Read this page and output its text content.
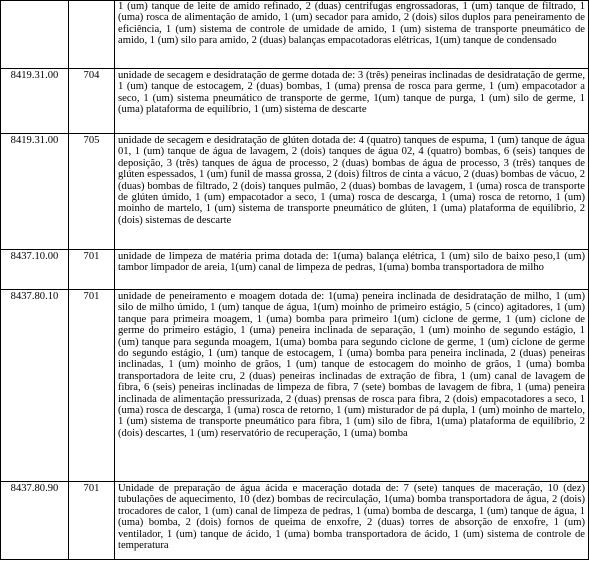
		1 (um) tanque de leite de amido refinado, 2 (duas) centrifugas engrossadoras, 1 (um) tanque de filtrado, 1 (uma) rosca de alimentação de amido, 1 (um) secador para amido, 2 (dois) silos duplos para peneiramento de eficiência, 1 (um) sistema de controle de umidade de amido, 1 (um) sistema de transporte pneumático de amido, 1 (um) silo para amido, 2 (duas) balanças empacotadoras elétricas, 1(um) tanque de condensado
8419.31.00	704	unidade de secagem e desidratação de germe dotada de: 3 (três) peneiras inclinadas de desidratação de germe, 1 (um) tanque de estocagem, 2 (duas) bombas, 1 (uma) prensa de rosca para germe, 1 (um) empacotador a seco, 1 (um) sistema pneumático de transporte de germe, 1(um) tanque de purga, 1 (um) silo de germe, 1 (uma) plataforma de equilíbrio, 1 (um) sistema de descarte
8419.31.00	705	unidade de secagem e desidratação de glúten dotada de: 4 (quatro) tanques de espuma, 1 (um) tanque de água 01, 1 (um) tanque de água de lavagem, 2 (dois) tanques de água 02, 4 (quatro) bombas, 6 (seis) tanques de deposição, 3 (três) tanques de água de processo, 2 (duas) bombas de água de processo, 3 (três) tanques de glúten espessados, 1 (um) funil de massa grossa, 2 (dois) filtros de cinta a vácuo, 2 (duas) bombas de vácuo, 2 (duas) bombas de filtrado, 2 (dois) tanques pulmão, 2 (duas) bombas de lavagem, 1 (uma) rosca de transporte de glúten úmido, 1 (um) empacotador a seco, 1 (uma) rosca de descarga, 1 (uma) rosca de retorno, 1 (um) moinho de martelo, 1 (um) sistema de transporte pneumático de glúten, 1 (uma) plataforma de equilíbrio, 2 (dois) sistemas de descarte
8437.10.00	701	unidade de limpeza de matéria prima dotada de: 1(uma) balança elétrica, 1 (um) silo de baixo peso,1 (um) tambor limpador de areia, 1(um) canal de limpeza de pedras, 1(uma) bomba transportadora de milho
8437.80.10	701	unidade de peneiramento e moagem dotada de: 1(uma) peneira inclinada de desidratação de milho, 1 (um) silo de milho úmido, 1 (um) tanque de água, 1(um) moinho de primeiro estágio, 5 (cinco) agitadores, 1 (um) tanque para primeira moagem, 1 (uma) bomba para primeiro 1(um) ciclone de germe, 1 (um) ciclone de germe do primeiro estágio, 1 (uma) peneira inclinada de separação, 1 (um) moinho de segundo estágio, 1 (um) tanque para segunda moagem, 1(uma) bomba para segundo ciclone de germe, 1 (um) ciclone de germe do segundo estágio, 1 (um) tanque de estocagem, 1 (uma) bomba para peneira inclinada, 2 (duas) peneiras inclinadas, 1 (um) moinho de grãos, 1 (um) tanque de estocagem do moinho de grãos, 1 (uma) bomba transportadora de leite cru, 2 (duas) peneiras inclinadas de extração de fibra, 1 (um) canal de lavagem de fibra, 6 (seis) peneiras inclinadas de limpeza de fibra, 7 (sete) bombas de lavagem de fibra, 1 (uma) peneira inclinada de alimentação pressurizada, 2 (duas) prensas de rosca para fibra, 2 (dois) empacotadores a seco, 1 (uma) rosca de descarga, 1 (uma) rosca de retorno, 1 (um) misturador de pá dupla, 1 (um) moinho de martelo, 1 (um) sistema de transporte pneumático para fibra, 1 (um) silo de fibra, 1(uma) plataforma de equilíbrio, 2 (dois) descartes, 1 (um) reservatório de recuperação, 1 (uma) bomba
8437.80.90	701	Unidade de preparação de água ácida e maceração dotada de: 7 (sete) tanques de maceração, 10 (dez) tubulações de aquecimento, 10 (dez) bombas de recirculação, 1(uma) bomba transportadora de água, 2 (dois) trocadores de calor, 1 (um) canal de limpeza de pedras, 1 (uma) bomba de descarga, 1 (um) tanque de água, 1 (uma) bomba, 2 (dois) fornos de queima de enxofre, 2 (duas) torres de absorção de enxofre, 1 (um) ventilador, 1 (um) tanque de ácido, 1 (uma) bomba transportadora de ácido, 1 (um) sistema de controle de temperatura
